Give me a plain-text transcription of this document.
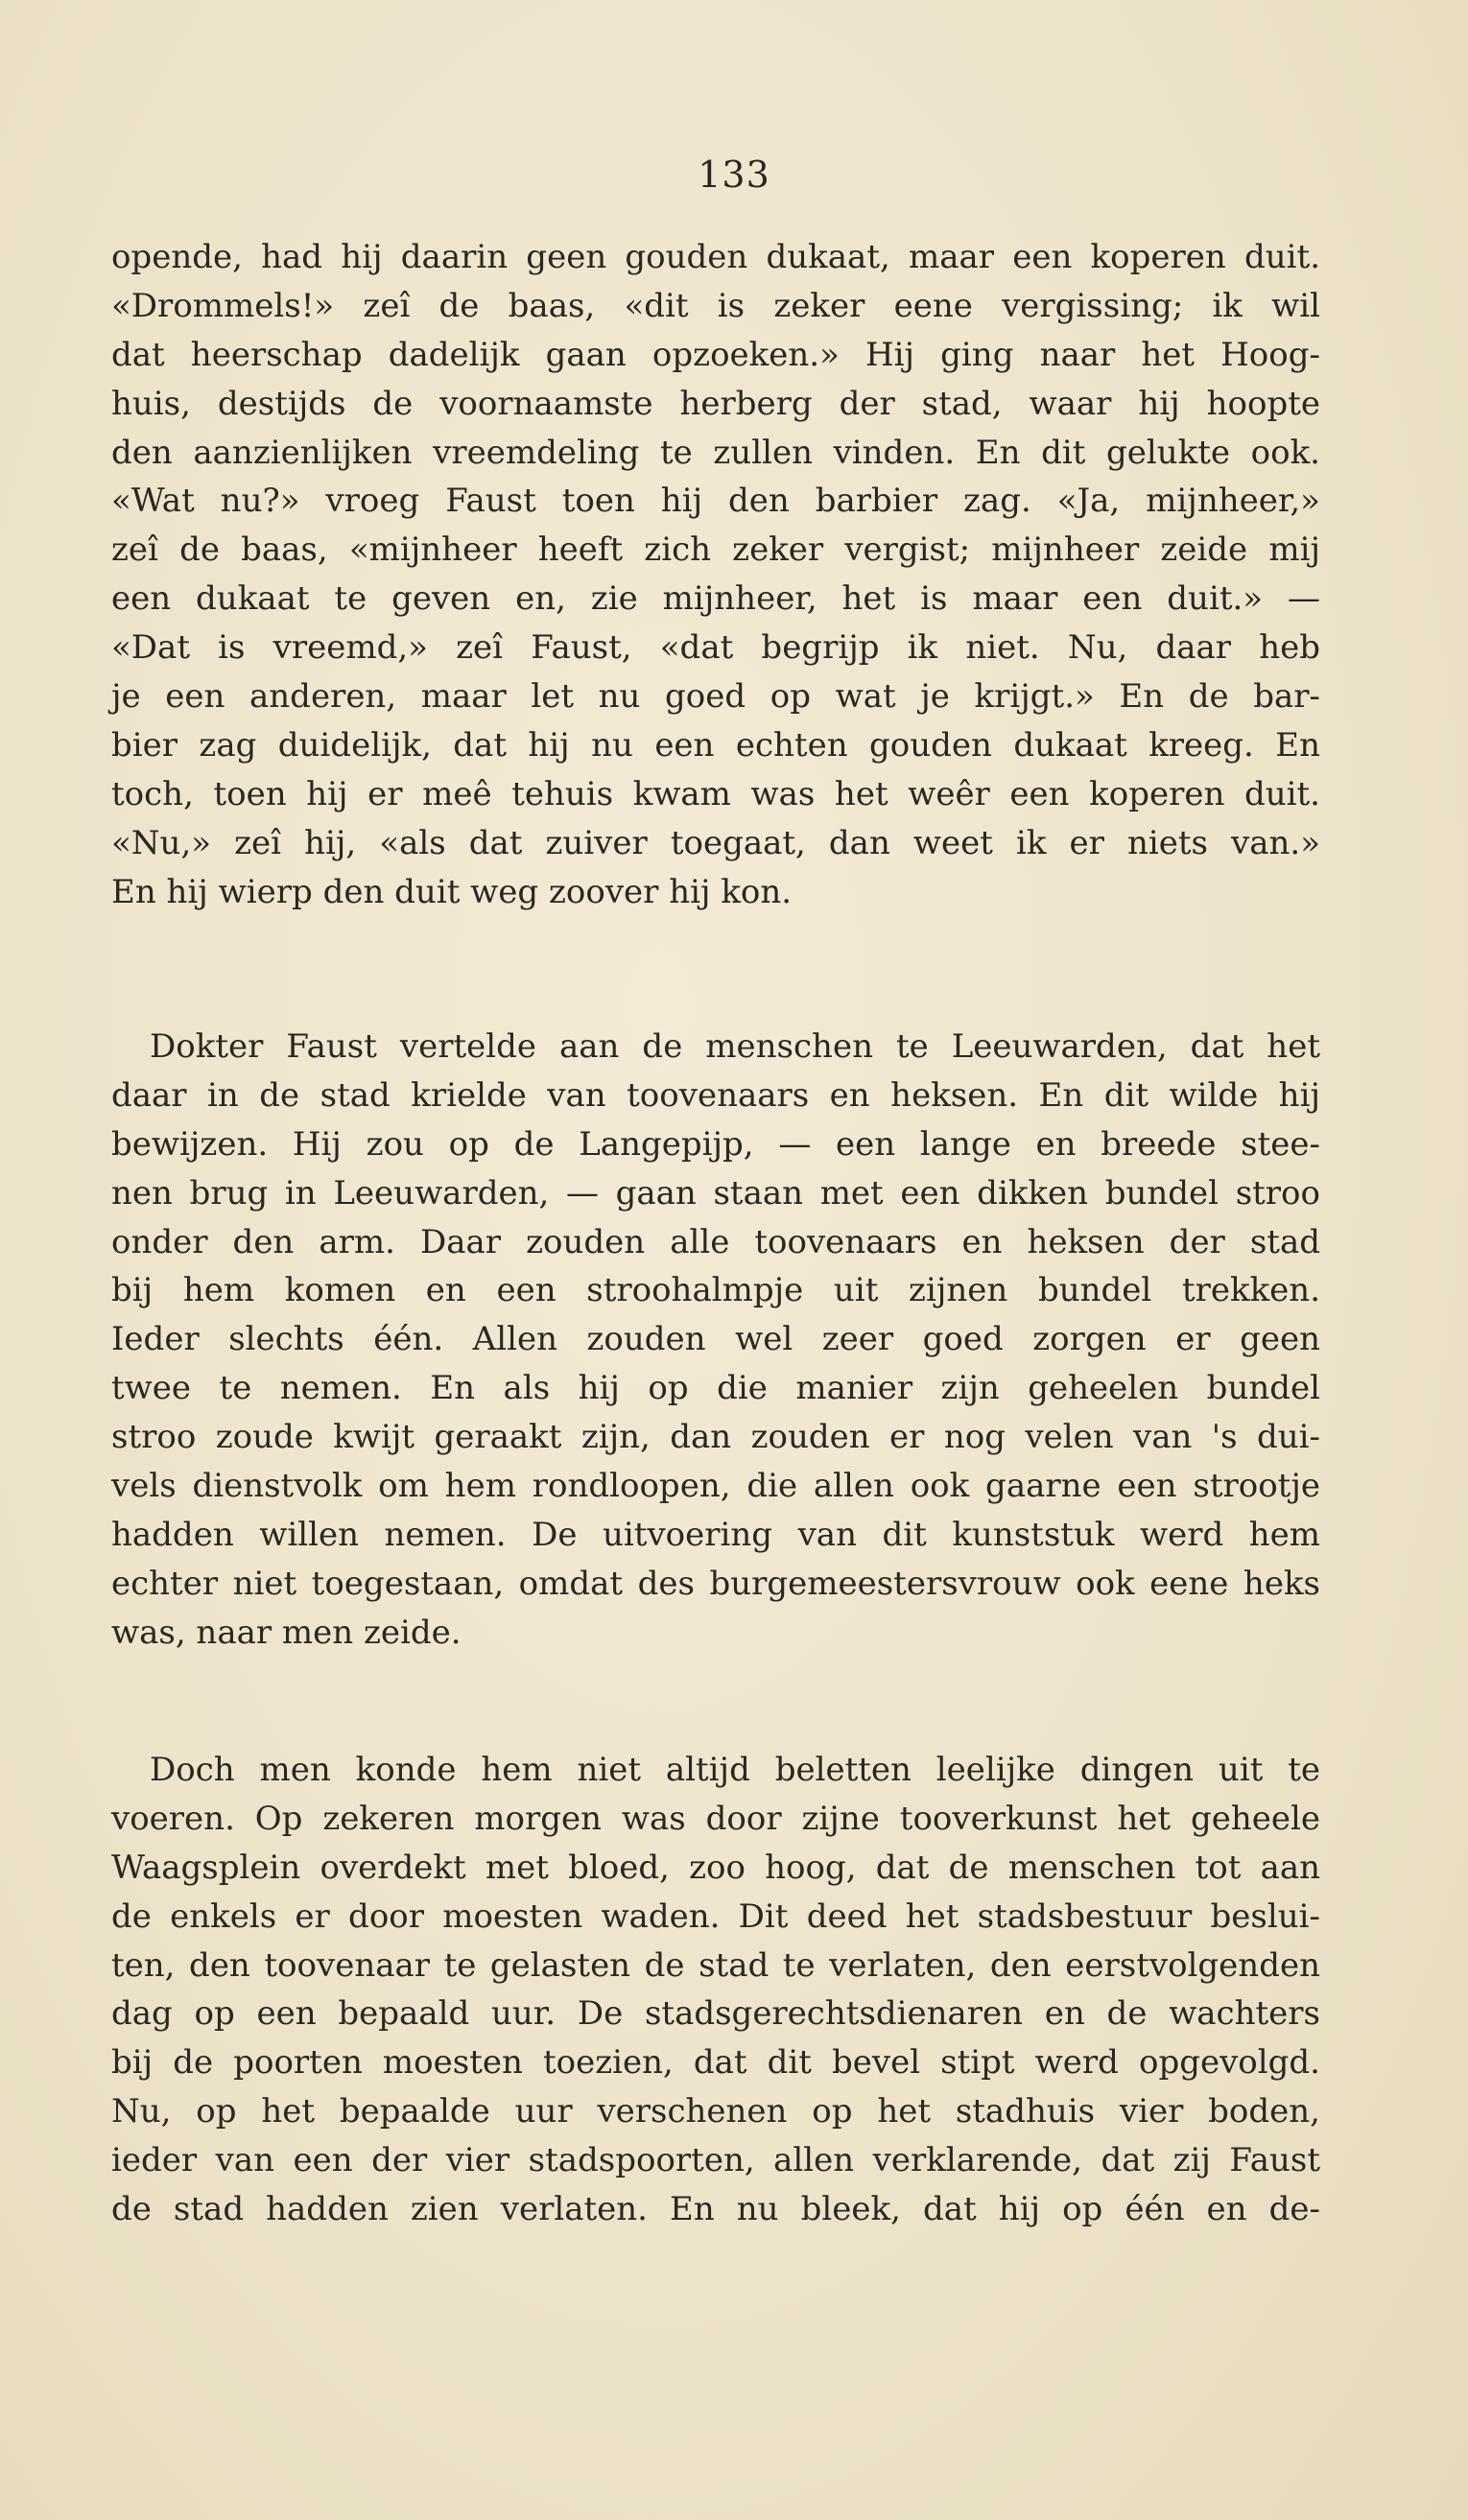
133
opende, had hij daarin geen gouden dukaat, maar een koperen duit.
«Drommels!» zeî de baas, «dit is zeker eene vergissing; ik wil
dat heerschap dadelijk gaan opzoeken.» Hij ging naar het Hoog-
huis, destijds de voornaamste herberg der stad, waar hij hoopte
den aanzienlijken vreemdeling te zullen vinden. En dit gelukte ook.
«Wat nu?» vroeg Faust toen hij den barbier zag. «Ja, mijnheer,»
zeî de baas, «mijnheer heeft zich zeker vergist; mijnheer zeide mij
een dukaat te geven en, zie mijnheer, het is maar een duit.» —
«Dat is vreemd,» zeî Faust, «dat begrijp ik niet. Nu, daar heb
je een anderen, maar let nu goed op wat je krijgt.» En de bar-
bier zag duidelijk, dat hij nu een echten gouden dukaat kreeg. En
toch, toen hij er meê tehuis kwam was het weêr een koperen duit.
«Nu,» zeî hij, «als dat zuiver toegaat, dan weet ik er niets van.»
En hij wierp den duit weg zoover hij kon.
Dokter Faust vertelde aan de menschen te Leeuwarden, dat het
daar in de stad krielde van toovenaars en heksen. En dit wilde hij
bewijzen. Hij zou op de Langepijp, — een lange en breede stee-
nen brug in Leeuwarden, — gaan staan met een dikken bundel stroo
onder den arm. Daar zouden alle toovenaars en heksen der stad
bij hem komen en een stroohalmpje uit zijnen bundel trekken.
Ieder slechts één. Allen zouden wel zeer goed zorgen er geen
twee te nemen. En als hij op die manier zijn geheelen bundel
stroo zoude kwijt geraakt zijn, dan zouden er nog velen van 's dui-
vels dienstvolk om hem rondloopen, die allen ook gaarne een strootje
hadden willen nemen. De uitvoering van dit kunststuk werd hem
echter niet toegestaan, omdat des burgemeestersvrouw ook eene heks
was, naar men zeide.
Doch men konde hem niet altijd beletten leelijke dingen uit te
voeren. Op zekeren morgen was door zijne tooverkunst het geheele
Waagsplein overdekt met bloed, zoo hoog, dat de menschen tot aan
de enkels er door moesten waden. Dit deed het stadsbestuur beslui-
ten, den toovenaar te gelasten de stad te verlaten, den eerstvolgenden
dag op een bepaald uur. De stadsgerechtsdienaren en de wachters
bij de poorten moesten toezien, dat dit bevel stipt werd opgevolgd.
Nu, op het bepaalde uur verschenen op het stadhuis vier boden,
ieder van een der vier stadspoorten, allen verklarende, dat zij Faust
de stad hadden zien verlaten. En nu bleek, dat hij op één en de-
